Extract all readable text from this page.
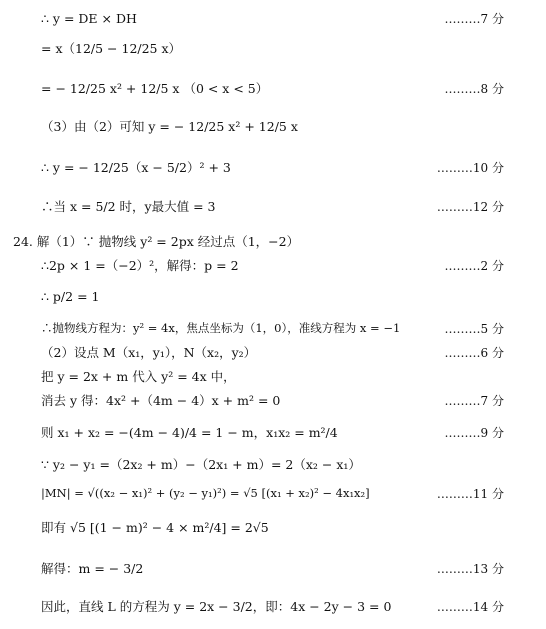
∴ y = DE × DH	………7 分
= x（12/5 − 12/25 x）
= − 12/25 x² + 12/5 x （0 < x < 5）	………8 分
（3）由（2）可知 y = − 12/25 x² + 12/5 x
∴ y = − 12/25（x − 5/2）² + 3	………10 分
∴当 x = 5/2 时，y最大值 = 3	………12 分
24. 解（1）∵ 抛物线 y² = 2px 经过点（1，−2）
∴2p × 1 =（−2）²，解得：p = 2	………2 分
∴ p/2 = 1
∴抛物线方程为：y² = 4x，焦点坐标为（1，0），准线方程为 x = −1	………5 分
（2）设点 M（x₁，y₁），N（x₂，y₂）	………6 分
把 y = 2x + m 代入 y² = 4x 中，
消去 y 得：4x² +（4m − 4）x + m² = 0	………7 分
则 x₁ + x₂ = −(4m − 4)/4 = 1 − m，x₁x₂ = m²/4	………9 分
∵ y₂ − y₁ =（2x₂ + m）−（2x₁ + m）= 2（x₂ − x₁）
|MN| = √((x₂ − x₁)² + (y₂ − y₁)²) = √5 [(x₁ + x₂)² − 4x₁x₂]	………11 分
即有 √5 [(1 − m)² − 4 × m²/4] = 2√5
解得：m = − 3/2	………13 分
因此，直线 L 的方程为 y = 2x − 3/2，即：4x − 2y − 3 = 0	………14 分
